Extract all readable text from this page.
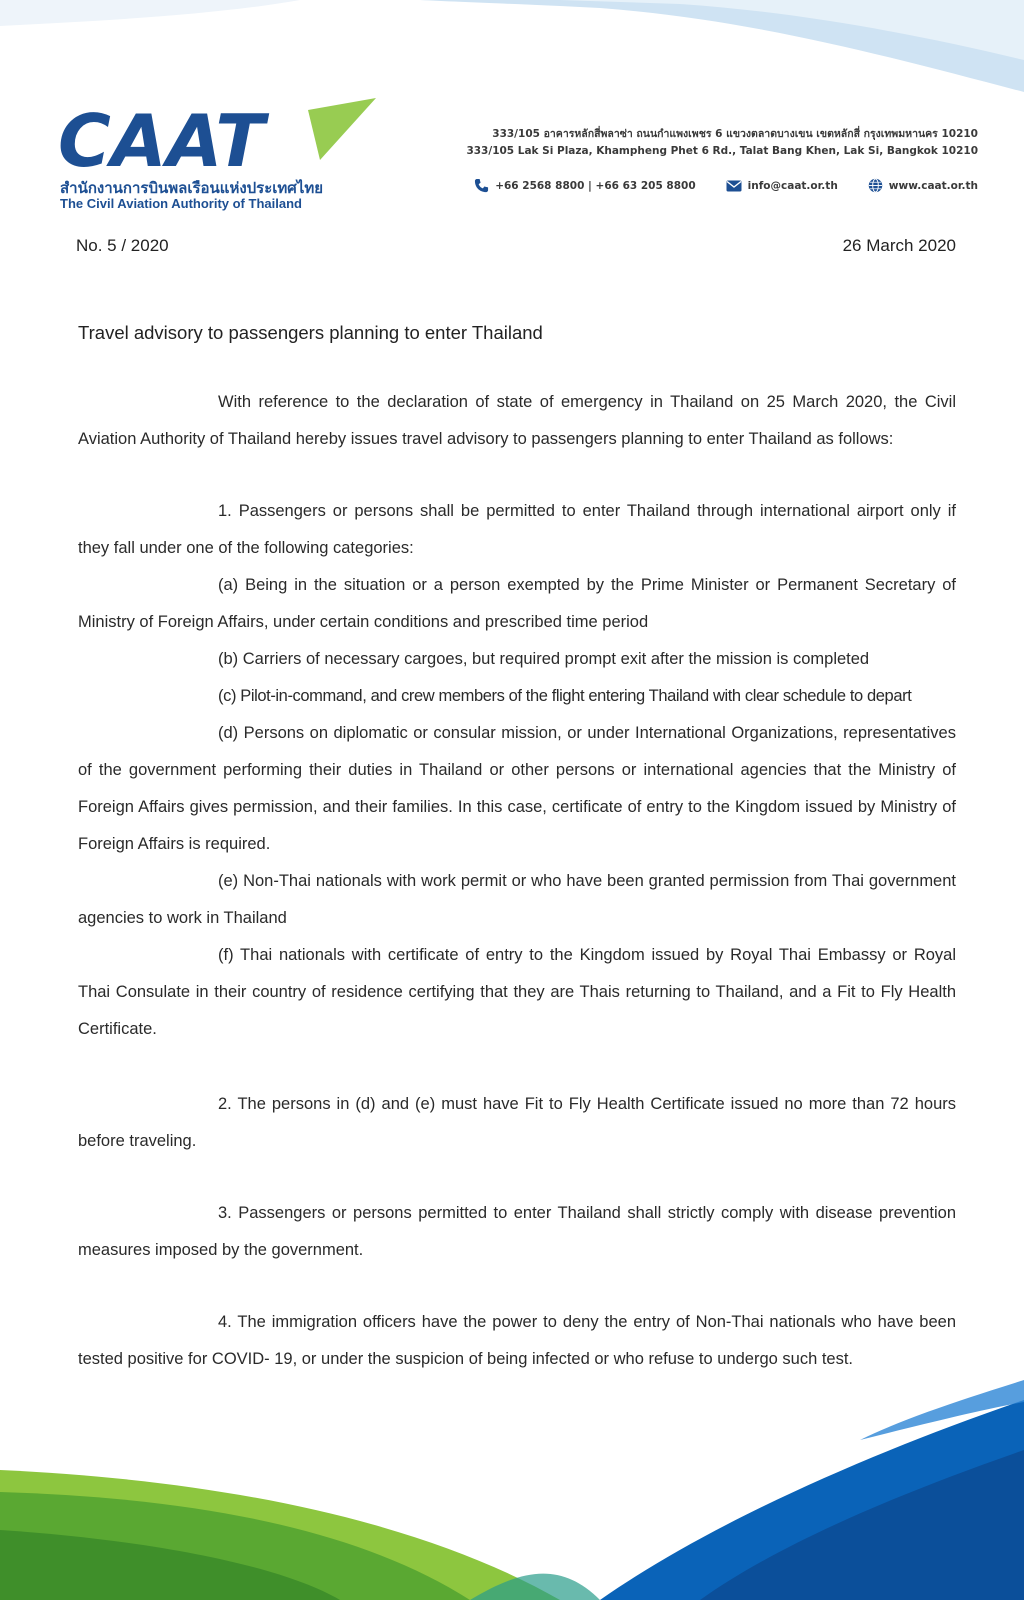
CAAT
สำนักงานการบินพลเรือนแห่งประเทศไทย
The Civil Aviation Authority of Thailand
333/105 อาคารหลักสี่พลาซ่า ถนนกำแพงเพชร 6 แขวงตลาดบางเขน เขตหลักสี่ กรุงเทพมหานคร 10210
333/105 Lak Si Plaza, Khampheng Phet 6 Rd., Talat Bang Khen, Lak Si, Bangkok 10210
+66 2568 8800 | +66 63 205 8800	info@caat.or.th	www.caat.or.th
No. 5 / 2020	26 March 2020
Travel advisory to passengers planning to enter Thailand

With reference to the declaration of state of emergency in Thailand on 25 March 2020, the Civil Aviation Authority of Thailand hereby issues travel advisory to passengers planning to enter Thailand as follows:

1. Passengers or persons shall be permitted to enter Thailand through international airport only if they fall under one of the following categories:

(a) Being in the situation or a person exempted by the Prime Minister or Permanent Secretary of Ministry of Foreign Affairs, under certain conditions and prescribed time period

(b) Carriers of necessary cargoes, but required prompt exit after the mission is completed

(c) Pilot-in-command, and crew members of the flight entering Thailand with clear schedule to depart

(d) Persons on diplomatic or consular mission, or under International Organizations, representatives of the government performing their duties in Thailand or other persons or international agencies that the Ministry of Foreign Affairs gives permission, and their families. In this case, certificate of entry to the Kingdom issued by Ministry of Foreign Affairs is required.

(e) Non-Thai nationals with work permit or who have been granted permission from Thai government agencies to work in Thailand

(f) Thai nationals with certificate of entry to the Kingdom issued by Royal Thai Embassy or Royal Thai Consulate in their country of residence certifying that they are Thais returning to Thailand, and a Fit to Fly Health Certificate.

2. The persons in (d) and (e) must have Fit to Fly Health Certificate issued no more than 72 hours before traveling.

3. Passengers or persons permitted to enter Thailand shall strictly comply with disease prevention measures imposed by the government.

4. The immigration officers have the power to deny the entry of Non-Thai nationals who have been tested positive for COVID- 19, or under the suspicion of being infected or who refuse to undergo such test.
